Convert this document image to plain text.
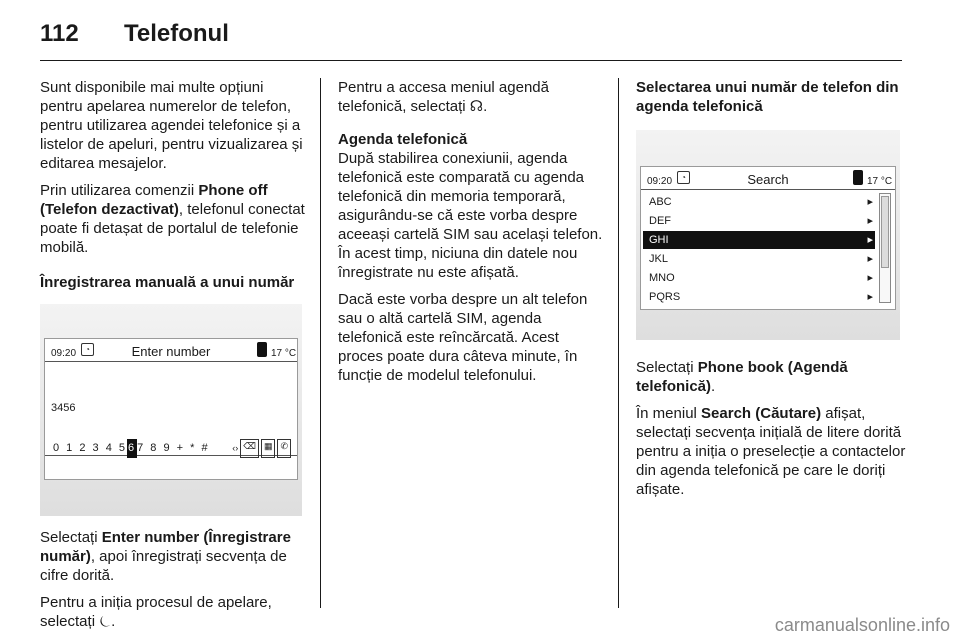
112 Telefonul

Sunt disponibile mai multe opțiuni pentru apelarea numerelor de telefon, pentru utilizarea agendei telefonice și a listelor de apeluri, pentru vizualizarea și editarea mesajelor.

Prin utilizarea comenzii Phone off (Telefon dezactivat), telefonul conectat poate fi detașat de portalul de telefonie mobilă.

Înregistrarea manuală a unui număr
09:20	◔	Enter number	17 °C
3456
0 1 2 3 4 567 8 9 + * #	‹› ⌫ ▦ ✆

Selectați Enter number (Înregistrare număr), apoi înregistrați secvența de cifre dorită.

Pentru a iniția procesul de apelare, selectați ⏾.

Pentru a accesa meniul agendă telefonică, selectați ☊.

Agenda telefonică

După stabilirea conexiunii, agenda telefonică este comparată cu agenda telefonică din memoria temporară, asigurându-se că este vorba despre aceeași cartelă SIM sau același telefon. În acest timp, niciuna din datele nou înregistrate nu este afișată.

Dacă este vorba despre un alt telefon sau o altă cartelă SIM, agenda telefonică este reîncărcată. Acest proces poate dura câteva minute, în funcție de modelul telefonului.

Selectarea unui număr de telefon din agenda telefonică
09:20	◔	Search	17 °C
ABC	▸
DEF	▸
GHI	▸
JKL	▸
MNO	▸
PQRS	▸

Selectați Phone book (Agendă telefonică).

În meniul Search (Căutare) afișat, selectați secvența inițială de litere dorită pentru a iniția o preselecție a contactelor din agenda telefonică pe care le doriți afișate.

carmanualsonline.info
